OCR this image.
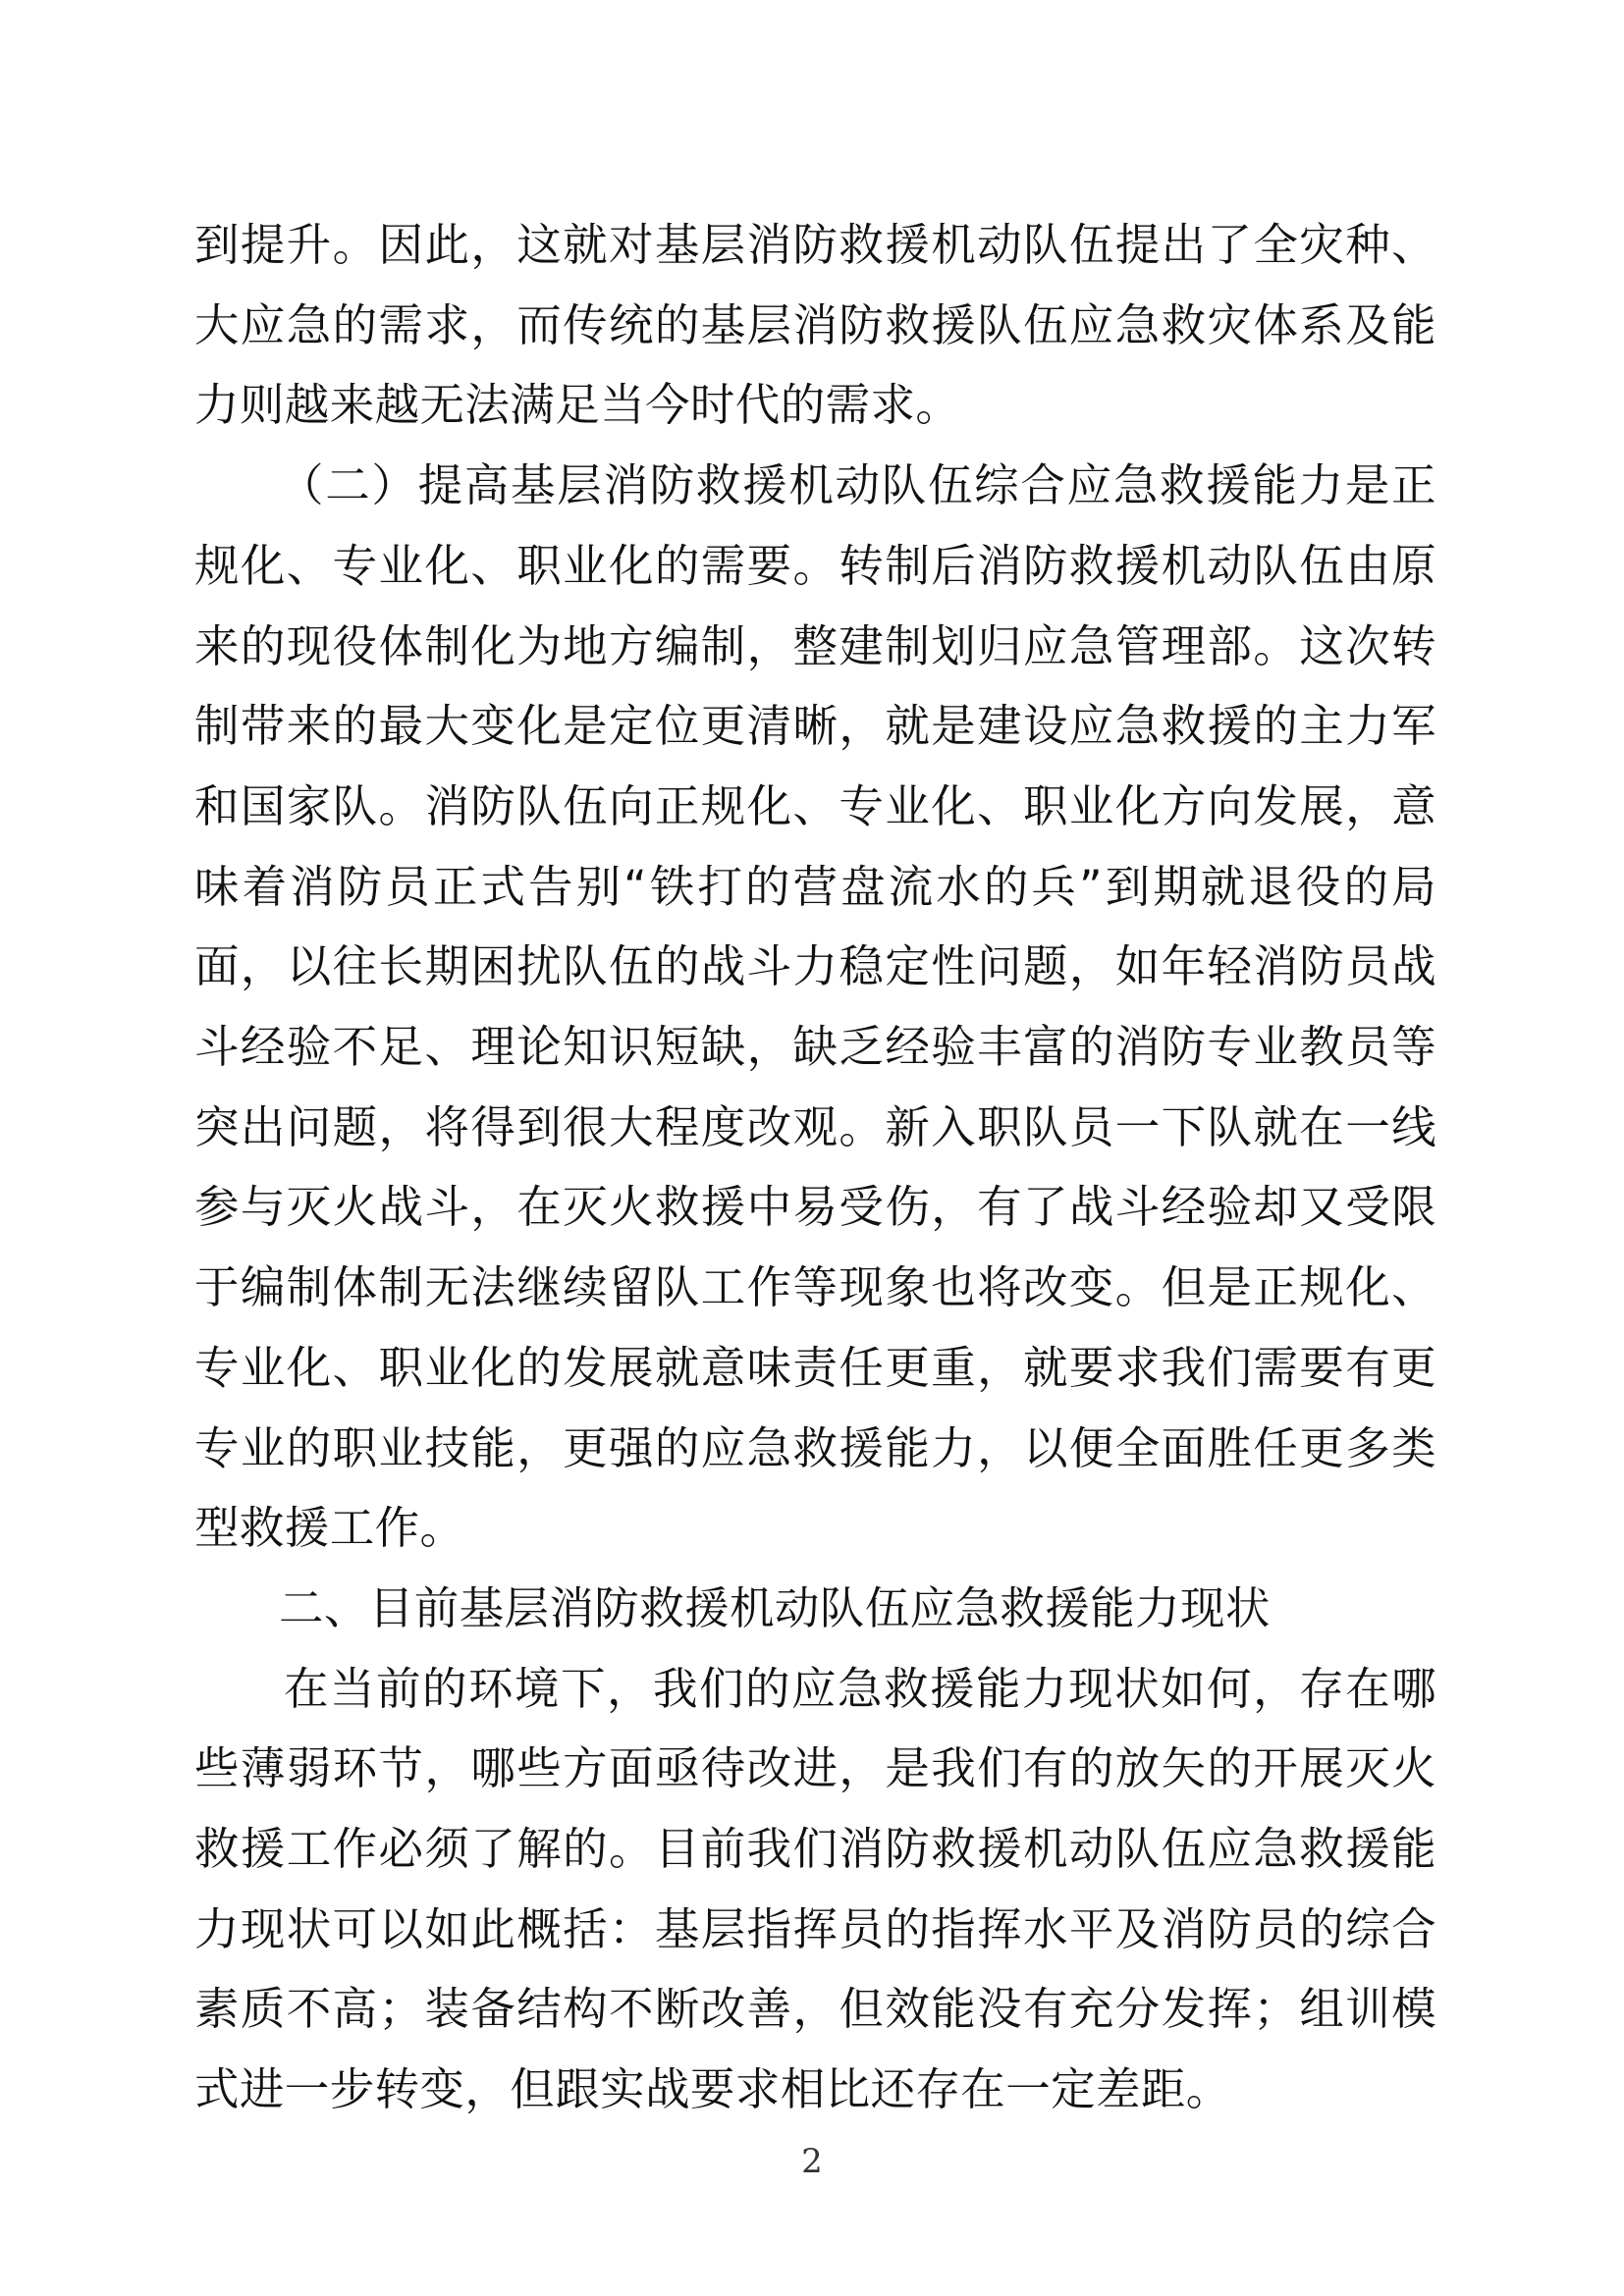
到提升。因此，这就对基层消防救援机动队伍提出了全灾种、大应急的需求，而传统的基层消防救援队伍应急救灾体系及能力则越来越无法满足当今时代的需求。

（二）提高基层消防救援机动队伍综合应急救援能力是正规化、专业化、职业化的需要。转制后消防救援机动队伍由原来的现役体制化为地方编制，整建制划归应急管理部。这次转制带来的最大变化是定位更清晰，就是建设应急救援的主力军和国家队。消防队伍向正规化、专业化、职业化方向发展，意味着消防员正式告别“铁打的营盘流水的兵”到期就退役的局面，以往长期困扰队伍的战斗力稳定性问题，如年轻消防员战斗经验不足、理论知识短缺，缺乏经验丰富的消防专业教员等突出问题，将得到很大程度改观。新入职队员一下队就在一线参与灭火战斗，在灭火救援中易受伤，有了战斗经验却又受限于编制体制无法继续留队工作等现象也将改变。但是正规化、专业化、职业化的发展就意味责任更重，就要求我们需要有更专业的职业技能，更强的应急救援能力，以便全面胜任更多类型救援工作。

二、目前基层消防救援机动队伍应急救援能力现状

在当前的环境下，我们的应急救援能力现状如何，存在哪些薄弱环节，哪些方面亟待改进，是我们有的放矢的开展灭火救援工作必须了解的。目前我们消防救援机动队伍应急救援能力现状可以如此概括：基层指挥员的指挥水平及消防员的综合素质不高；装备结构不断改善，但效能没有充分发挥；组训模式进一步转变，但跟实战要求相比还存在一定差距。

2
